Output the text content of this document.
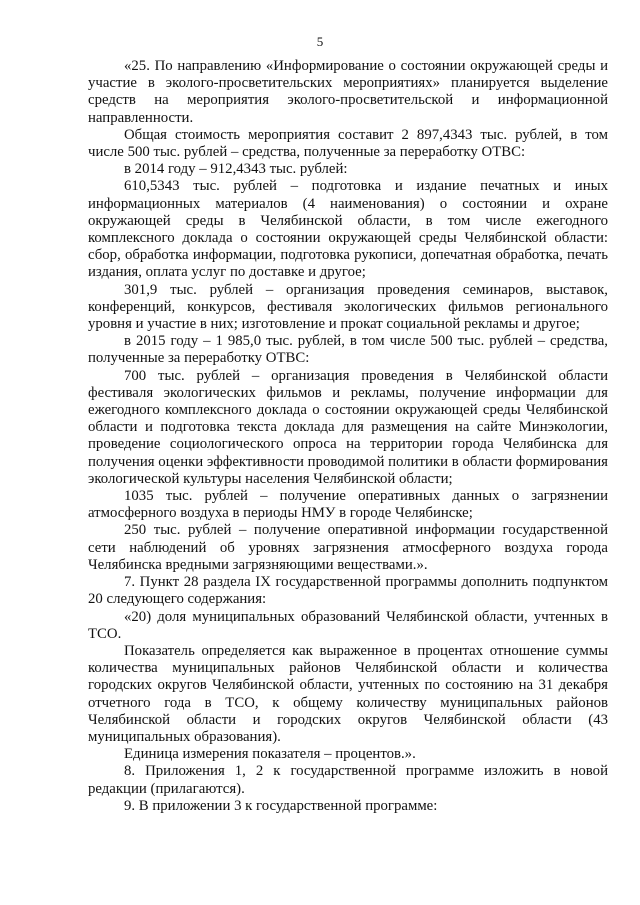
5

«25. По направлению «Информирование о состоянии окружающей среды и участие в эколого-просветительских мероприятиях» планируется выделение средств на мероприятия эколого-просветительской и информационной направленности.

Общая стоимость мероприятия составит 2 897,4343 тыс. рублей, в том числе 500 тыс. рублей – средства, полученные за переработку ОТВС:

в 2014 году – 912,4343 тыс. рублей:

610,5343 тыс. рублей – подготовка и издание печатных и иных информационных материалов (4 наименования) о состоянии и охране окружающей среды в Челябинской области, в том числе ежегодного комплексного доклада о состоянии окружающей среды Челябинской области: сбор, обработка информации, подготовка рукописи, допечатная обработка, печать издания, оплата услуг по доставке и другое;

301,9 тыс. рублей – организация проведения семинаров, выставок, конференций, конкурсов, фестиваля экологических фильмов регионального уровня и участие в них; изготовление и прокат социальной рекламы и другое;

в 2015 году – 1 985,0 тыс. рублей, в том числе 500 тыс. рублей – средства, полученные за переработку ОТВС:

700 тыс. рублей – организация проведения в Челябинской области фестиваля экологических фильмов и рекламы, получение информации для ежегодного комплексного доклада о состоянии окружающей среды Челябинской области и подготовка текста доклада для размещения на сайте Минэкологии, проведение социологического опроса на территории города Челябинска для получения оценки эффективности проводимой политики в области формирования экологической культуры населения Челябинской области;

1035 тыс. рублей – получение оперативных данных о загрязнении атмосферного воздуха в периоды НМУ в городе Челябинске;

250 тыс. рублей – получение оперативной информации государственной сети наблюдений об уровнях загрязнения атмосферного воздуха города Челябинска вредными загрязняющими веществами.».

7. Пункт 28 раздела IX государственной программы дополнить подпунктом 20 следующего содержания:

«20) доля муниципальных образований Челябинской области, учтенных в ТСО.

Показатель определяется как выраженное в процентах отношение суммы количества муниципальных районов Челябинской области и количества городских округов Челябинской области, учтенных по состоянию на 31 декабря отчетного года в ТСО, к общему количеству муниципальных районов Челябинской области и городских округов Челябинской области (43 муниципальных образования).

Единица измерения показателя – процентов.».

8. Приложения 1, 2 к государственной программе изложить в новой редакции (прилагаются).

9. В приложении 3 к государственной программе:
